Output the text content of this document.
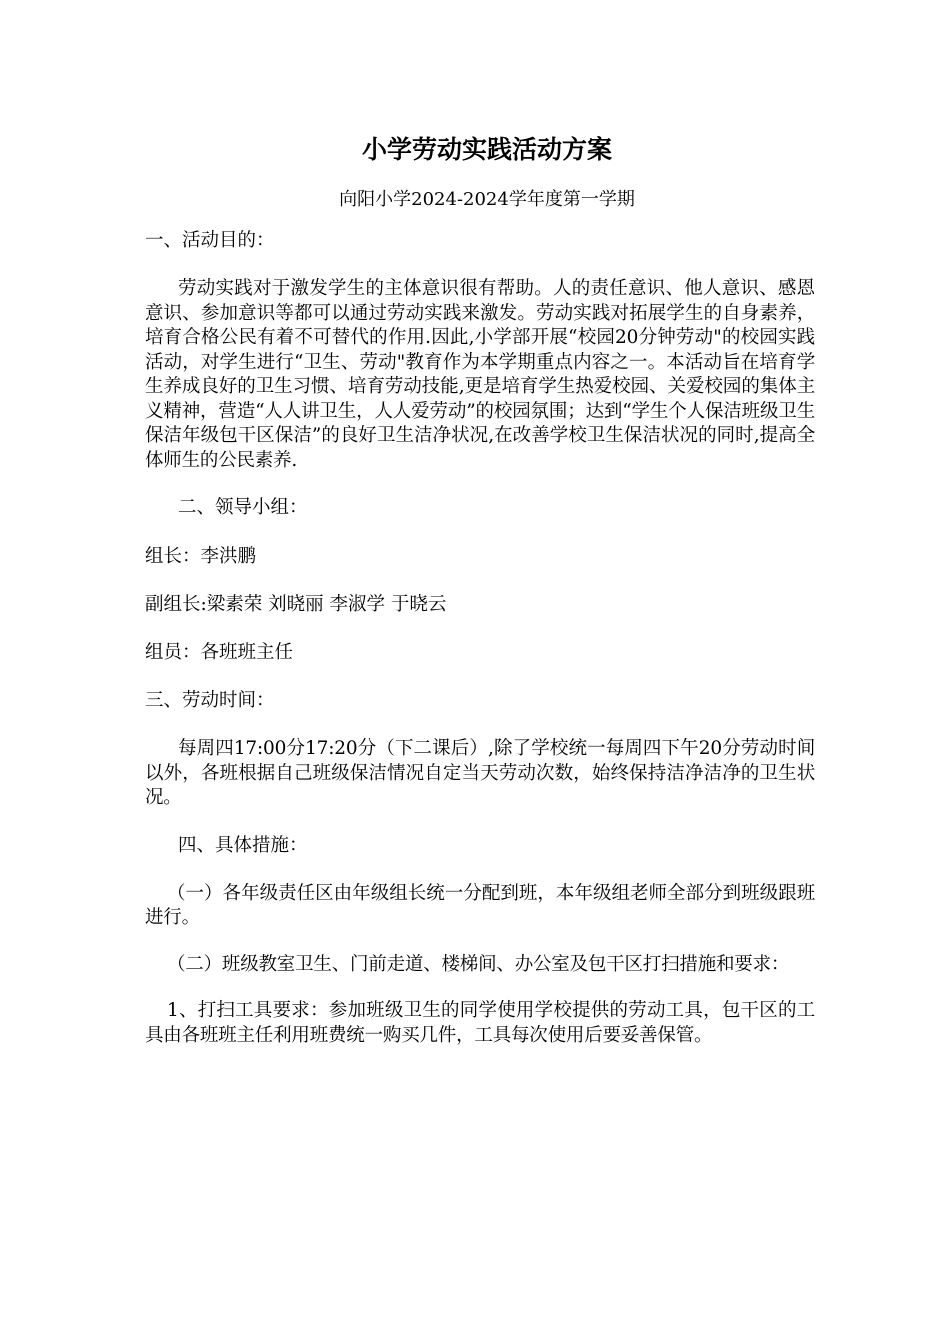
小学劳动实践活动方案
向阳小学2024-2024学年度第一学期

一、活动目的：

劳动实践对于激发学生的主体意识很有帮助。人的责任意识、他人意识、感恩意识、参加意识等都可以通过劳动实践来激发。劳动实践对拓展学生的自身素养，培育合格公民有着不可替代的作用.因此,小学部开展“校园20分钟劳动"的校园实践活动，对学生进行“卫生、劳动"教育作为本学期重点内容之一。本活动旨在培育学生养成良好的卫生习惯、培育劳动技能,更是培育学生热爱校园、关爱校园的集体主义精神，营造“人人讲卫生，人人爱劳动”的校园氛围；达到“学生个人保洁班级卫生保洁年级包干区保洁”的良好卫生洁净状况,在改善学校卫生保洁状况的同时,提高全体师生的公民素养.

二、领导小组：

组长：李洪鹏

副组长:梁素荣 刘晓丽 李淑学 于晓云

组员：各班班主任

三、劳动时间：

每周四17:00分17:20分（下二课后）,除了学校统一每周四下午20分劳动时间以外，各班根据自己班级保洁情况自定当天劳动次数，始终保持洁净洁净的卫生状况。

四、具体措施：

（一）各年级责任区由年级组长统一分配到班，本年级组老师全部分到班级跟班进行。

（二）班级教室卫生、门前走道、楼梯间、办公室及包干区打扫措施和要求：

1、打扫工具要求：参加班级卫生的同学使用学校提供的劳动工具，包干区的工具由各班班主任利用班费统一购买几件，工具每次使用后要妥善保管。
